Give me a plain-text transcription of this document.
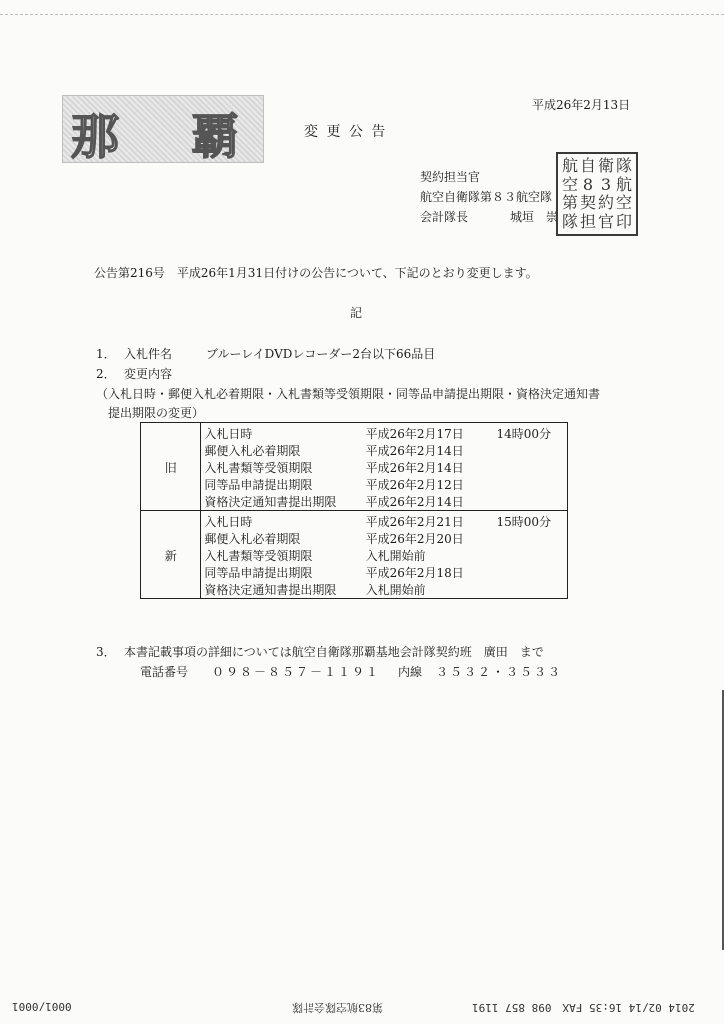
那 覇
平成26年2月13日
変 更 公 告
契約担当官
航空自衛隊第８３航空隊
会計隊長	城垣　崇
航 自 衛 隊
空 8 3 航
第 契 約 空
隊 担 官 印
公告第216号　平成26年1月31日付けの公告について、下記のとおり変更します。
記
1． 入札件名	ブルーレイDVDレコーダー2台以下66品目
2． 変更内容
（入札日時・郵便入札必着期限・入札書類等受領期限・同等品申請提出期限・資格決定通知書
提出期限の変更）
旧	入札日時	平成26年2月17日	14時00分
	郵便入札必着期限	平成26年2月14日	
	入札書類等受領期限	平成26年2月14日	
	同等品申請提出期限	平成26年2月12日	
	資格決定通知書提出期限	平成26年2月14日	
新	入札日時	平成26年2月21日	15時00分
	郵便入札必着期限	平成26年2月20日	
	入札書類等受領期限	入札開始前	
	同等品申請提出期限	平成26年2月18日	
	資格決定通知書提出期限	入札開始前	
3． 本書記載事項の詳細については航空自衛隊那覇基地会計隊契約班　廣田　まで
電話番号 ０９８－８５７－１１９１ 内線 ３５３２・３５３３
2014 02/14 16:35 FAX　098 857 1191
第83航空隊会計隊
0001/0001
